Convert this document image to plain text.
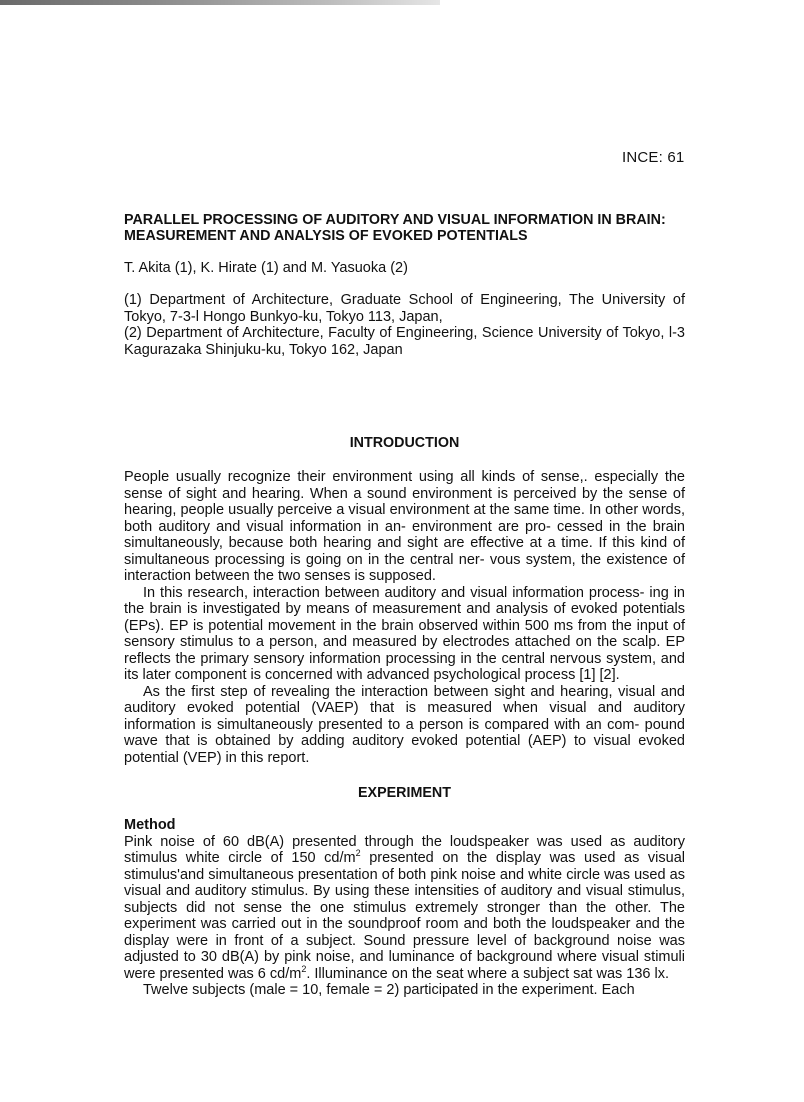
INCE: 61
PARALLEL PROCESSING OF AUDITORY AND VISUAL INFORMATION IN BRAIN: MEASUREMENT AND ANALYSIS OF EVOKED POTENTIALS
T. Akita (1), K. Hirate (1) and M. Yasuoka (2)

(1) Department of Architecture, Graduate School of Engineering, The University of Tokyo, 7-3-l Hongo Bunkyo-ku, Tokyo 113, Japan,

(2) Department of Architecture, Faculty of Engineering, Science University of Tokyo, l-3 Kagurazaka Shinjuku-ku, Tokyo 162, Japan

INTRODUCTION

People usually recognize their environment using all kinds of sense,. especially the sense of sight and hearing. When a sound environment is perceived by the sense of hearing, people usually perceive a visual environment at the same time. In other words, both auditory and visual information in an- environment are pro- cessed in the brain simultaneously, because both hearing and sight are effective at a time. If this kind of simultaneous processing is going on in the central ner- vous system, the existence of interaction between the two senses is supposed.

In this research, interaction between auditory and visual information process- ing in the brain is investigated by means of measurement and analysis of evoked potentials (EPs). EP is potential movement in the brain observed within 500 ms from the input of sensory stimulus to a person, and measured by electrodes attached on the scalp. EP reflects the primary sensory information processing in the central nervous system, and its later component is concerned with advanced psychological process [1] [2].

As the first step of revealing the interaction between sight and hearing, visual and auditory evoked potential (VAEP) that is measured when visual and auditory information is simultaneously presented to a person is compared with an com- pound wave that is obtained by adding auditory evoked potential (AEP) to visual evoked potential (VEP) in this report.

EXPERIMENT

Method

Pink noise of 60 dB(A) presented through the loudspeaker was used as auditory stimulus white circle of 150 $cd/m^2$ presented on the display was used as visual stimulus'and simultaneous presentation of both pink noise and white circle was used as visual and auditory stimulus. By using these intensities of auditory and visual stimulus, subjects did not sense the one stimulus extremely stronger than the other. The experiment was carried out in the soundproof room and both the loudspeaker and the display were in front of a subject. Sound pressure level of background noise was adjusted to 30 dB(A) by pink noise, and luminance of background where visual stimuli were presented was 6 $cd/m^2$. Illuminance on the seat where a subject sat was 136 lx.

Twelve subjects (male = 10, female = 2) participated in the experiment. Each
